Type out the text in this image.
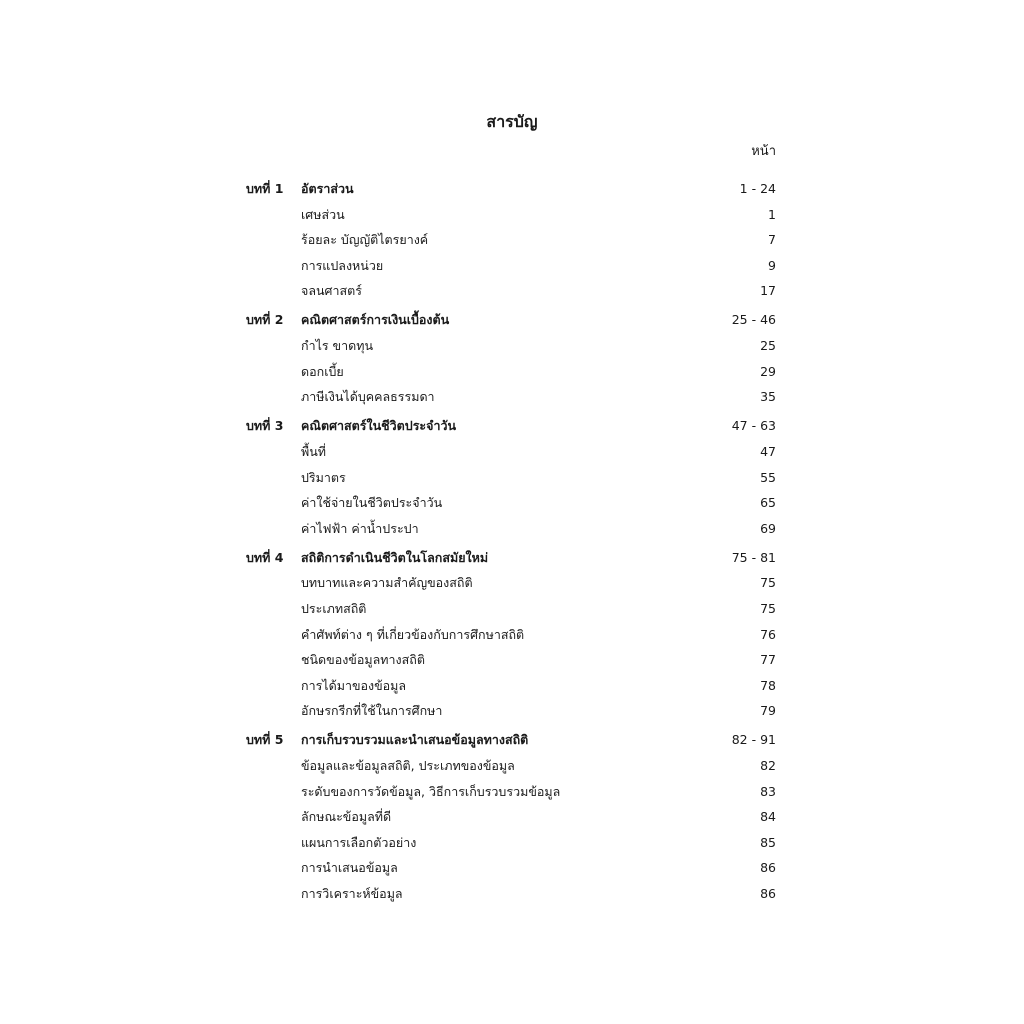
สารบัญ
หน้า
บทที่ 1	อัตราส่วน	1 - 24
เศษส่วน	1
ร้อยละ บัญญัติไตรยางค์	7
การแปลงหน่วย	9
จลนศาสตร์	17
บทที่ 2	คณิตศาสตร์การเงินเบื้องต้น	25 - 46
กำไร ขาดทุน	25
ดอกเบี้ย	29
ภาษีเงินได้บุคคลธรรมดา	35
บทที่ 3	คณิตศาสตร์ในชีวิตประจำวัน	47 - 63
พื้นที่	47
ปริมาตร	55
ค่าใช้จ่ายในชีวิตประจำวัน	65
ค่าไฟฟ้า ค่าน้ำประปา	69
บทที่ 4	สถิติการดำเนินชีวิตในโลกสมัยใหม่	75 - 81
บทบาทและความสำคัญของสถิติ	75
ประเภทสถิติ	75
คำศัพท์ต่าง ๆ ที่เกี่ยวข้องกับการศึกษาสถิติ	76
ชนิดของข้อมูลทางสถิติ	77
การได้มาของข้อมูล	78
อักษรกรีกที่ใช้ในการศึกษา	79
บทที่ 5	การเก็บรวบรวมและนำเสนอข้อมูลทางสถิติ	82 - 91
ข้อมูลและข้อมูลสถิติ, ประเภทของข้อมูล	82
ระดับของการวัดข้อมูล, วิธีการเก็บรวบรวมข้อมูล	83
ลักษณะข้อมูลที่ดี	84
แผนการเลือกตัวอย่าง	85
การนำเสนอข้อมูล	86
การวิเคราะห์ข้อมูล	86
